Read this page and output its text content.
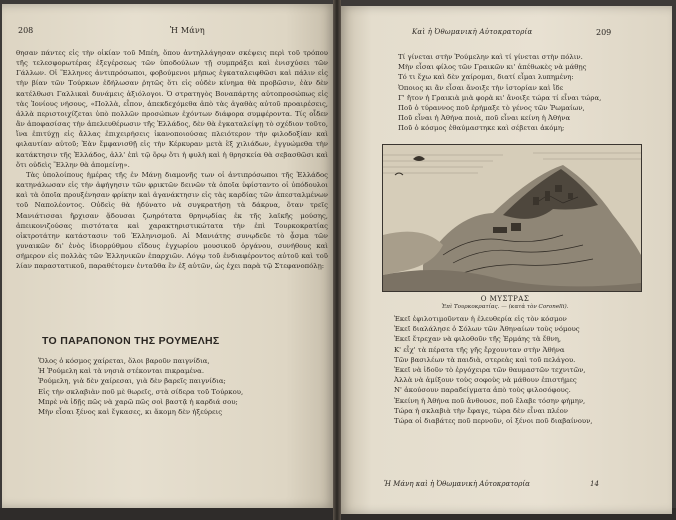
208	Ἡ Μάνη

θησαν πάντες εἰς τὴν οἰκίαν τοῦ Μπέη, ὅπου ἀντηλλάγησαν σκέψεις περὶ τοῦ τρόπου τῆς τελεσφορωτέρας ἐξεγέρσεως τῶν ὑποδούλων τῇ συμπράξει καὶ ἐνισχύσει τῶν Γάλλων. Οἱ Ἕλληνες ἀντιπρόσωποι, φοβούμενοι μήπως ἐγκαταλειφθῶσι καὶ πάλιν εἰς τὴν βίαν τῶν Τούρκων ἐδήλωσαν ῥητῶς ὅτι εἰς οὐδὲν κίνημα θὰ προβῶσιν, ἐὰν δὲν κατέλθωσι Γαλλικαὶ δυνάμεις ἀξιόλογοι. Ὁ στρατηγὸς Βοναπάρτης αὐτοπροσώπως εἰς τὰς Ἰονίους νήσους, «Πολλὰ, εἶπον, ἀπεκδεχόμεθα ἀπὸ τὰς ἀγαθὰς αὐτοῦ προαιρέσεις, ἀλλὰ περιστοιχίζεται ὑπὸ πολλῶν προσώπων ἐχόντων διάφορα συμφέροντα. Τίς οἶδεν ἂν ἀποφασίσας τὴν ἀπελευθέρωσιν τῆς Ἑλλάδος, δὲν θὰ ἐγκαταλείψῃ τὸ σχέδιον τοῦτο, ἵνα ἐπιτύχῃ εἰς ἄλλας ἐπιχειρήσεις ἱκανοποιούσας πλειότερον τὴν φιλοδοξίαν καὶ φιλαυτίαν αὐτοῦ; Ἐὰν ἔμφανισθῇ εἰς τὴν Κέρκυραν μετὰ ἓξ χιλιάδων, ἐγγυώμεθα τὴν κατάκτησιν τῆς Ἑλλάδος, ἀλλ' ἐπὶ τῷ ὅρῳ ὅτι ἡ φυλὴ καὶ ἡ θρησκεία θὰ σεβασθῶσι καὶ ὅτι οὐδεὶς Ἕλλην θὰ ἀπομείνῃ».

Τὰς ὑπολοίπους ἡμέρας τῆς ἐν Μάνῃ διαμονῆς των οἱ ἀντιπρόσωποι τῆς Ἑλλάδος κατηνάλωσαν εἰς τὴν ἀφήγησιν τῶν φρικτῶν δεινῶν τὰ ὁποῖα ὑφίσταντο οἱ ὑπόδουλοι καὶ τὰ ὁποῖα προυξένησαν φρίκην καὶ ἀγανάκτησιν εἰς τὰς καρδίας τῶν ἀπεσταλμένων τοῦ Ναπολέοντος. Οὐδεὶς θὰ ἠδύνατο νὰ συγκρατήσῃ τὰ δάκρυα, ὅταν τρεῖς Μανιάτισσαι ἤρχισαν ᾄδουσαι ζωηρότατα θρηνῳδίας ἐκ τῆς λαϊκῆς μούσης, ἀπεικονιζούσας πιστότατα καὶ χαρακτηριστικώτατα τὴν ἐπὶ Τουρκοκρατίας οἰκτροτάτην κατάστασιν τοῦ Ἑλληνισμοῦ. Αἱ Μανιάτης συνῳδεῦε τὸ ᾆσμα τῶν γυναικῶν δι' ἑνὸς ἰδιορρύθμου εἴδους ἐγχωρίου μουσικοῦ ὀργάνου, συνήθους καὶ σήμερον εἰς πολλὰς τῶν Ἑλληνικῶν ἐπαρχιῶν. Λόγῳ τοῦ ἐνδιαφέροντος αὐτοῦ καὶ τοῦ λίαν παραστατικοῦ, παραθέτομεν ἐνταῦθα ἓν ἐξ αὐτῶν, ὡς ἐχει παρὰ τῷ Στεφανοπόλῃ:

ΤΟ ΠΑΡΑΠΟΝΟΝ ΤΗΣ ΡΟΥΜΕΛΗΣ
Ὅλος ὁ κόσμος χαίρεται, ὅλοι βαροῦν παιγνίδια,
Ἡ Ῥούμελη καὶ τὰ νησιὰ στέκονται πικραμένα.
Ῥούμελη, γιὰ δὲν χαίρεσαι, γιὰ δὲν βαρεῖς παιγνίδια;
Εἰς τὴν σκλαβιὰν ποῦ μὲ θωρεῖς, στὰ σίδερα τοῦ Τούρκου,
Μπρὲ νὰ ἰδῇς πῶς νὰ χαρῶ πῶς σοὶ βαστᾷ ἡ καρδιά σου;
Μὴν εἶσαι ξένος καὶ ἔγκασες, κι ἄκομη δὲν ἠξεύρεις
Καὶ ἡ Ὀθωμανικὴ Αὐτοκρατορία	209
Τί γίνεται στὴν Ῥούμελην καὶ τί γίνεται στὴν πόλιν.
Μὴν εἶσαι φίλος τῶν Γραικῶν κι' ἀπέθωκὲς νὰ μάθῃς
Τό τι ἔχω καὶ δὲν χαίρομαι, διατί εἶμαι λυπημένη:
Ὁποιος κι ἂν εἶσαι ἄνοιξε τὴν ἱστορίαν καὶ ἴδε
Γ' ἤτον ἡ Γραικιὰ μιὰ φορὰ κι' ἄνοιξε τώρα τί εἶναι τώρα,
Ποῦ ὁ τύραννος ποῦ ἐρήμαξε τὸ γένος τῶν Ῥωμαίων,
Ποῦ εἶναι ἡ Ἀθήνα ποιὰ, ποῦ εἶναι κείνη ἡ Ἀθήνα
Ποῦ ὁ κόσμος ἐθαύμαστηκε καὶ σέβεται ἀκόμη;
Ο ΜΥΣΤΡΑΣ
Ἐπὶ Τουρκοκρατίας. — (κατὰ τὸν Coronelli).
Ἐκεῖ ἐφιλοτιμοῦνταν ἡ ἐλευθερία εἰς τὸν κόσμον
Ἐκεῖ διαλάλησε ὁ Σόλων τῶν Ἀθηναίων τοὺς νόμους
Ἐκεῖ ἔτρεχαν νὰ φιλοθοῦν τῆς Ἑρμάης τὰ ἔθνη,
Κ' εἶχ' τὰ πέρατα τῆς γῆς ἔρχουνταν στὴν Ἀθήνα
Τῶν βασιλέων τὰ παιδιὰ, στερεὰς καὶ τοῦ πελάγου.
Ἐκεῖ νὰ ἰδοῦν τὸ ἐργόχειρα τῶν θαυμαστῶν τεχνιτῶν,
Ἀλλὰ νὰ ἀμίξουν τοὺς σοφοὺς νὰ μάθουν ἐπιστήμες
Ν' ἀκούσουν παραδείγματα ἀπὸ τοὺς φιλοσόφους.
Ἐκείνη ἡ Ἀθήνα ποῦ ἄνθουσε, ποῦ ἔλαβε τόσην φήμην,
Τώρα ἡ σκλαβιὰ τὴν ἔφαγε, τώρα δὲν εἶναι πλέον
Τώρα οἱ διαβάτες ποῦ περνοῦν, οἱ ξένοι ποῦ διαβαίνουν,
Ἡ Μάνη καὶ ἡ Ὀθωμανικὴ Αὐτοκρατορία	14
